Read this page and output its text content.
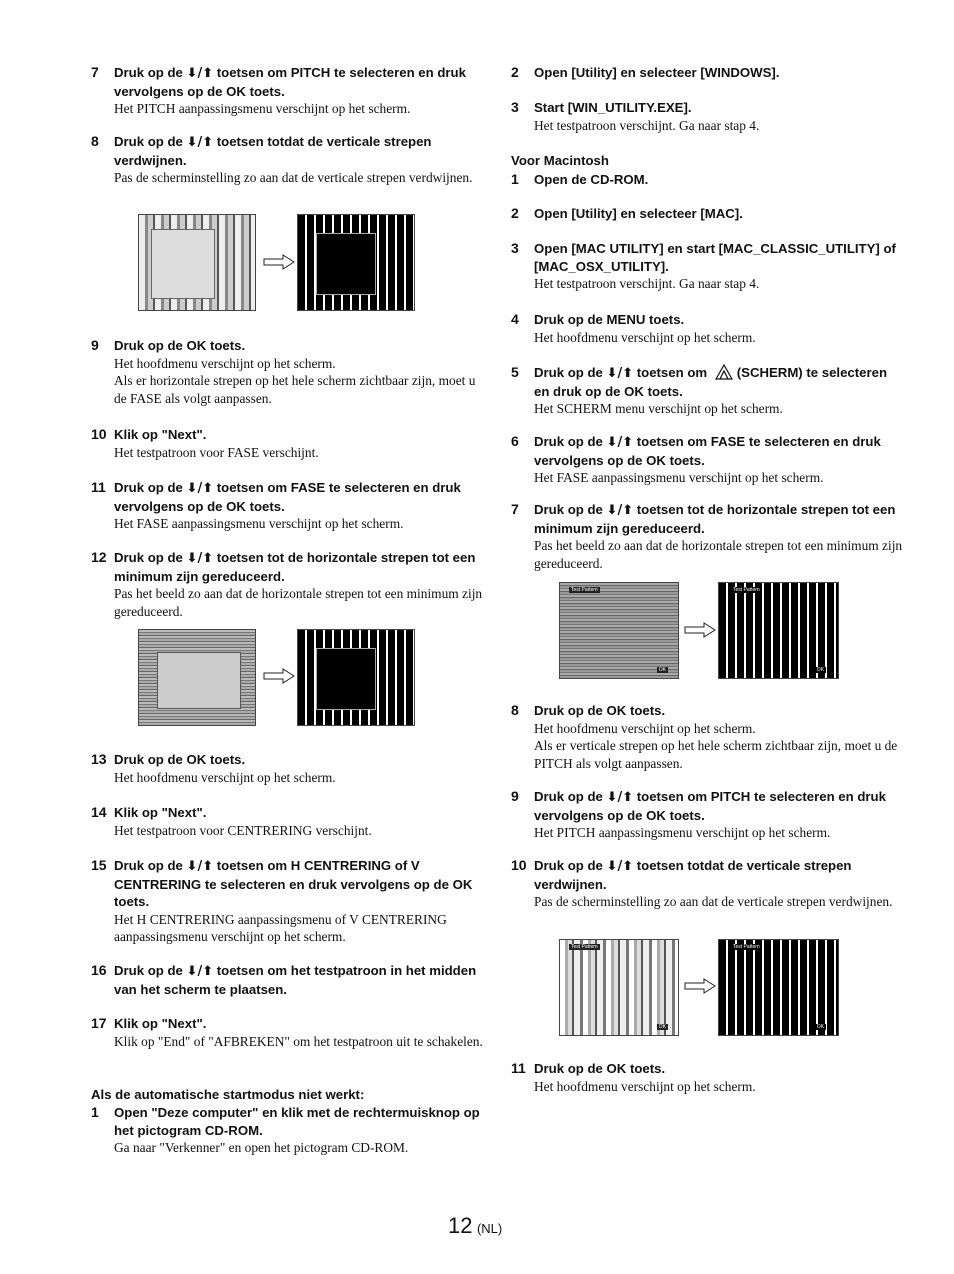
7 Druk op de ⬇/⬆ toetsen om PITCH te selecteren en druk vervolgens op de OK toets.
Het PITCH aanpassingsmenu verschijnt op het scherm.
8 Druk op de ⬇/⬆ toetsen totdat de verticale strepen verdwijnen.
Pas de scherminstelling zo aan dat de verticale strepen verdwijnen.
9 Druk op de OK toets.
Het hoofdmenu verschijnt op het scherm.
Als er horizontale strepen op het hele scherm zichtbaar zijn, moet u de FASE als volgt aanpassen.
10 Klik op "Next".
Het testpatroon voor FASE verschijnt.
11 Druk op de ⬇/⬆ toetsen om FASE te selecteren en druk vervolgens op de OK toets.
Het FASE aanpassingsmenu verschijnt op het scherm.
12 Druk op de ⬇/⬆ toetsen tot de horizontale strepen tot een minimum zijn gereduceerd.
Pas het beeld zo aan dat de horizontale strepen tot een minimum zijn gereduceerd.
13 Druk op de OK toets.
Het hoofdmenu verschijnt op het scherm.
14 Klik op "Next".
Het testpatroon voor CENTRERING verschijnt.
15 Druk op de ⬇/⬆ toetsen om H CENTRERING of V CENTRERING te selecteren en druk vervolgens op de OK toets.
Het H CENTRERING aanpassingsmenu of V CENTRERING aanpassingsmenu verschijnt op het scherm.
16 Druk op de ⬇/⬆ toetsen om het testpatroon in het midden van het scherm te plaatsen.
17 Klik op "Next".
Klik op "End" of "AFBREKEN" om het testpatroon uit te schakelen.
Als de automatische startmodus niet werkt:
1 Open "Deze computer" en klik met de rechtermuisknop op het pictogram CD-ROM.
Ga naar "Verkenner" en open het pictogram CD-ROM.
2 Open [Utility] en selecteer [WINDOWS].
3 Start [WIN_UTILITY.EXE].
Het testpatroon verschijnt. Ga naar stap 4.
Voor Macintosh
1 Open de CD-ROM.
2 Open [Utility] en selecteer [MAC].
3 Open [MAC UTILITY] en start [MAC_CLASSIC_UTILITY] of [MAC_OSX_UTILITY].
Het testpatroon verschijnt. Ga naar stap 4.
4 Druk op de MENU toets.
Het hoofdmenu verschijnt op het scherm.
5 Druk op de ⬇/⬆ toetsen om (SCHERM) te selecteren en druk op de OK toets.
Het SCHERM menu verschijnt op het scherm.
6 Druk op de ⬇/⬆ toetsen om FASE te selecteren en druk vervolgens op de OK toets.
Het FASE aanpassingsmenu verschijnt op het scherm.
7 Druk op de ⬇/⬆ toetsen tot de horizontale strepen tot een minimum zijn gereduceerd.
Pas het beeld zo aan dat de horizontale strepen tot een minimum zijn gereduceerd.
Test Pattern
OK
Test Pattern
OK
8 Druk op de OK toets.
Het hoofdmenu verschijnt op het scherm.
Als er verticale strepen op het hele scherm zichtbaar zijn, moet u de PITCH als volgt aanpassen.
9 Druk op de ⬇/⬆ toetsen om PITCH te selecteren en druk vervolgens op de OK toets.
Het PITCH aanpassingsmenu verschijnt op het scherm.
10 Druk op de ⬇/⬆ toetsen totdat de verticale strepen verdwijnen.
Pas de scherminstelling zo aan dat de verticale strepen verdwijnen.
Test Pattern
OK
Test Pattern
OK
11 Druk op de OK toets.
Het hoofdmenu verschijnt op het scherm.
12 (NL)
